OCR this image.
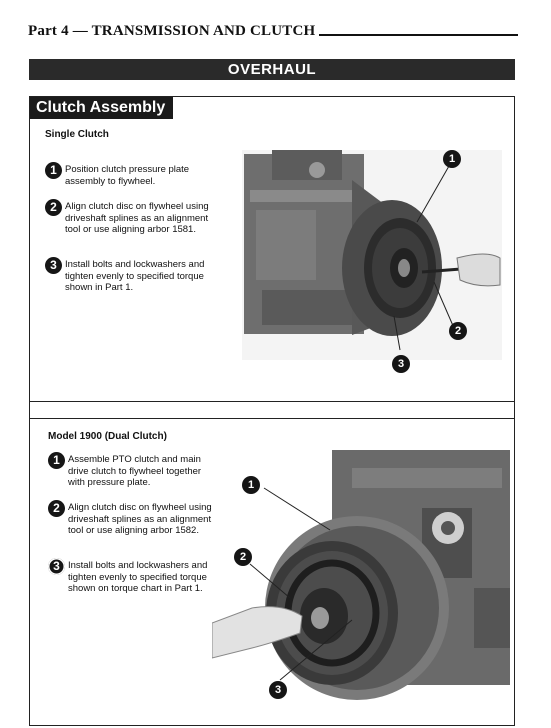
Part 4 — TRANSMISSION AND CLUTCH
OVERHAUL
Clutch Assembly
Single Clutch
1 Position clutch pressure plate assembly to flywheel.
2 Align clutch disc on flywheel using driveshaft splines as an alignment tool or use aligning arbor 1581.
3 Install bolts and lockwashers and tighten evenly to specified torque shown in Part 1.
1
2
3
Model 1900 (Dual Clutch)
1 Assemble PTO clutch and main drive clutch to flywheel together with pressure plate.
2 Align clutch disc on flywheel using driveshaft splines as an alignment tool or use aligning arbor 1582.
3 Install bolts and lockwashers and tighten evenly to specified torque shown on torque chart in Part 1.
1
2
3
